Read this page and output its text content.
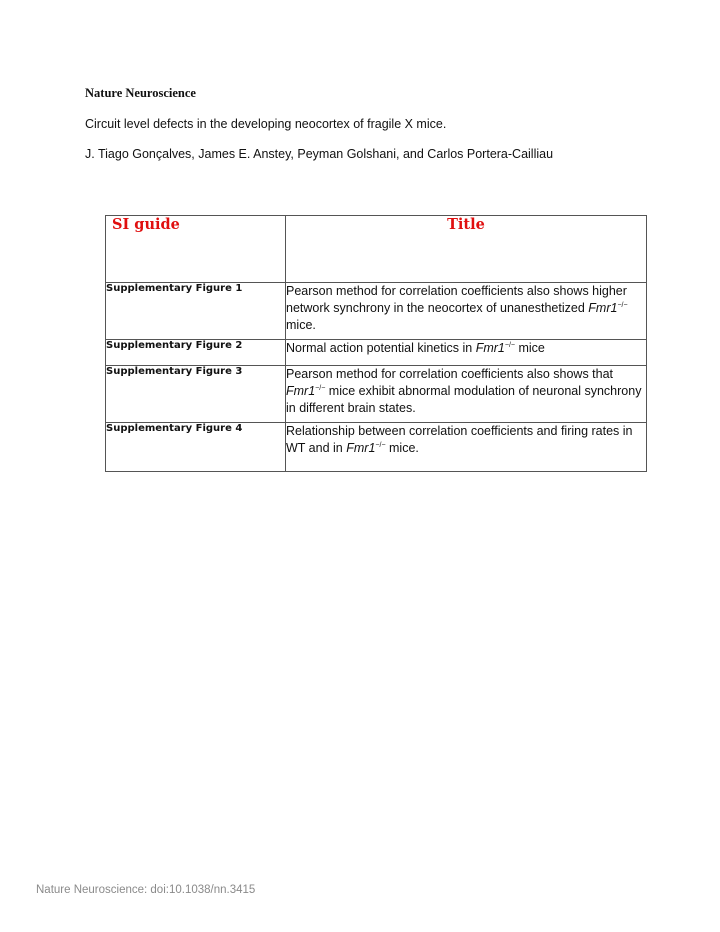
Nature Neuroscience
Circuit level defects in the developing neocortex of fragile X mice.
J. Tiago Gonçalves, James E. Anstey, Peyman Golshani, and Carlos Portera-Cailliau
SI guide	Title
Supplementary Figure 1	Pearson method for correlation coefficients also shows higher network synchrony in the neocortex of unanesthetized Fmr1−/− mice.
Supplementary Figure 2	Normal action potential kinetics in Fmr1−/− mice
Supplementary Figure 3	Pearson method for correlation coefficients also shows that Fmr1−/− mice exhibit abnormal modulation of neuronal synchrony in different brain states.
Supplementary Figure 4	Relationship between correlation coefficients and firing rates in WT and in Fmr1−/− mice.
Nature Neuroscience: doi:10.1038/nn.3415
